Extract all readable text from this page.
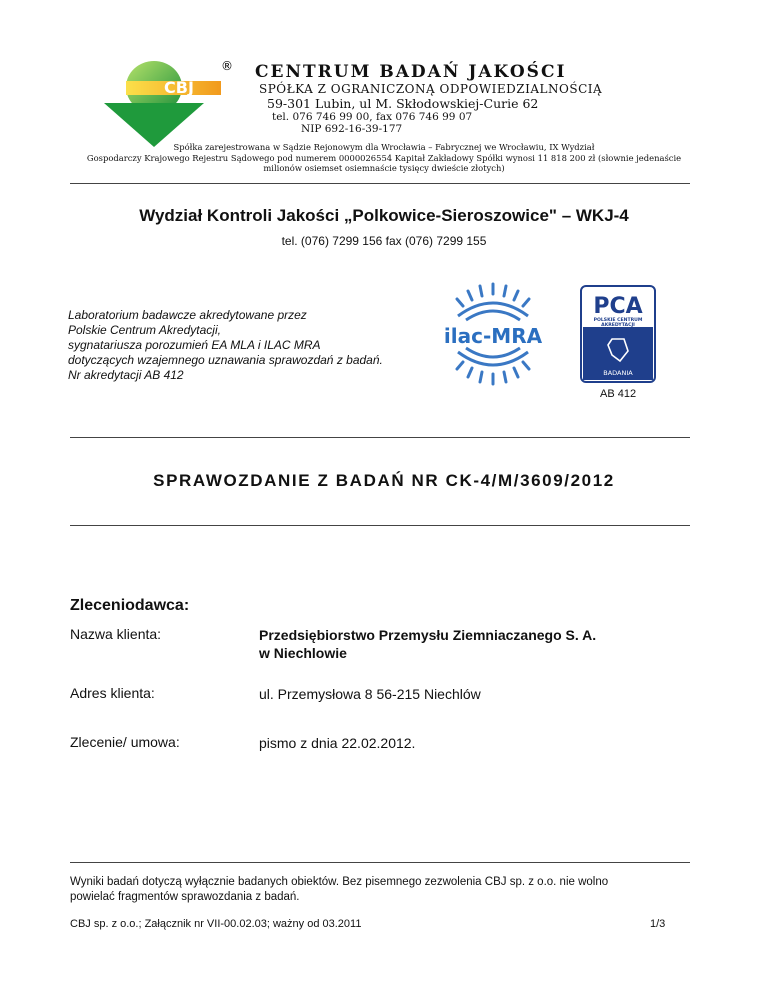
CBJ
® CENTRUM BADAŃ JAKOŚCI
SPÓŁKA Z OGRANICZONĄ ODPOWIEDZIALNOŚCIĄ
59-301 Lubin, ul M. Skłodowskiej-Curie 62
tel. 076 746 99 00, fax 076 746 99 07
NIP 692-16-39-177
Spółka zarejestrowana w Sądzie Rejonowym dla Wrocławia – Fabrycznej we Wrocławiu, IX Wydział
Gospodarczy Krajowego Rejestru Sądowego pod numerem 0000026554 Kapitał Zakładowy Spółki wynosi 11 818 200 zł (słownie jedenaście
milionów osiemset osiemnaście tysięcy dwieście złotych)
Wydział Kontroli Jakości „Polkowice-Sieroszowice" – WKJ-4
tel. (076) 7299 156 fax (076) 7299 155
Laboratorium badawcze akredytowane przez
Polskie Centrum Akredytacji,
sygnatariusza porozumień EA MLA i ILAC MRA
dotyczących wzajemnego uznawania sprawozdań z badań.
Nr akredytacji AB 412
ilac-MRA
PCA
POLSKIE CENTRUM
AKREDYTACJI
BADANIA
AB 412
SPRAWOZDANIE Z BADAŃ NR CK-4/M/3609/2012
Zleceniodawca:
Nazwa klienta:	Przedsiębiorstwo Przemysłu Ziemniaczanego S. A.
w Niechlowie
Adres klienta:	ul. Przemysłowa 8 56-215 Niechlów
Zlecenie/ umowa:	pismo z dnia 22.02.2012.
Wyniki badań dotyczą wyłącznie badanych obiektów. Bez pisemnego zezwolenia CBJ sp. z o.o. nie wolno
powielać fragmentów sprawozdania z badań.
CBJ sp. z o.o.; Załącznik nr VII-00.02.03; ważny od 03.2011	1/3
